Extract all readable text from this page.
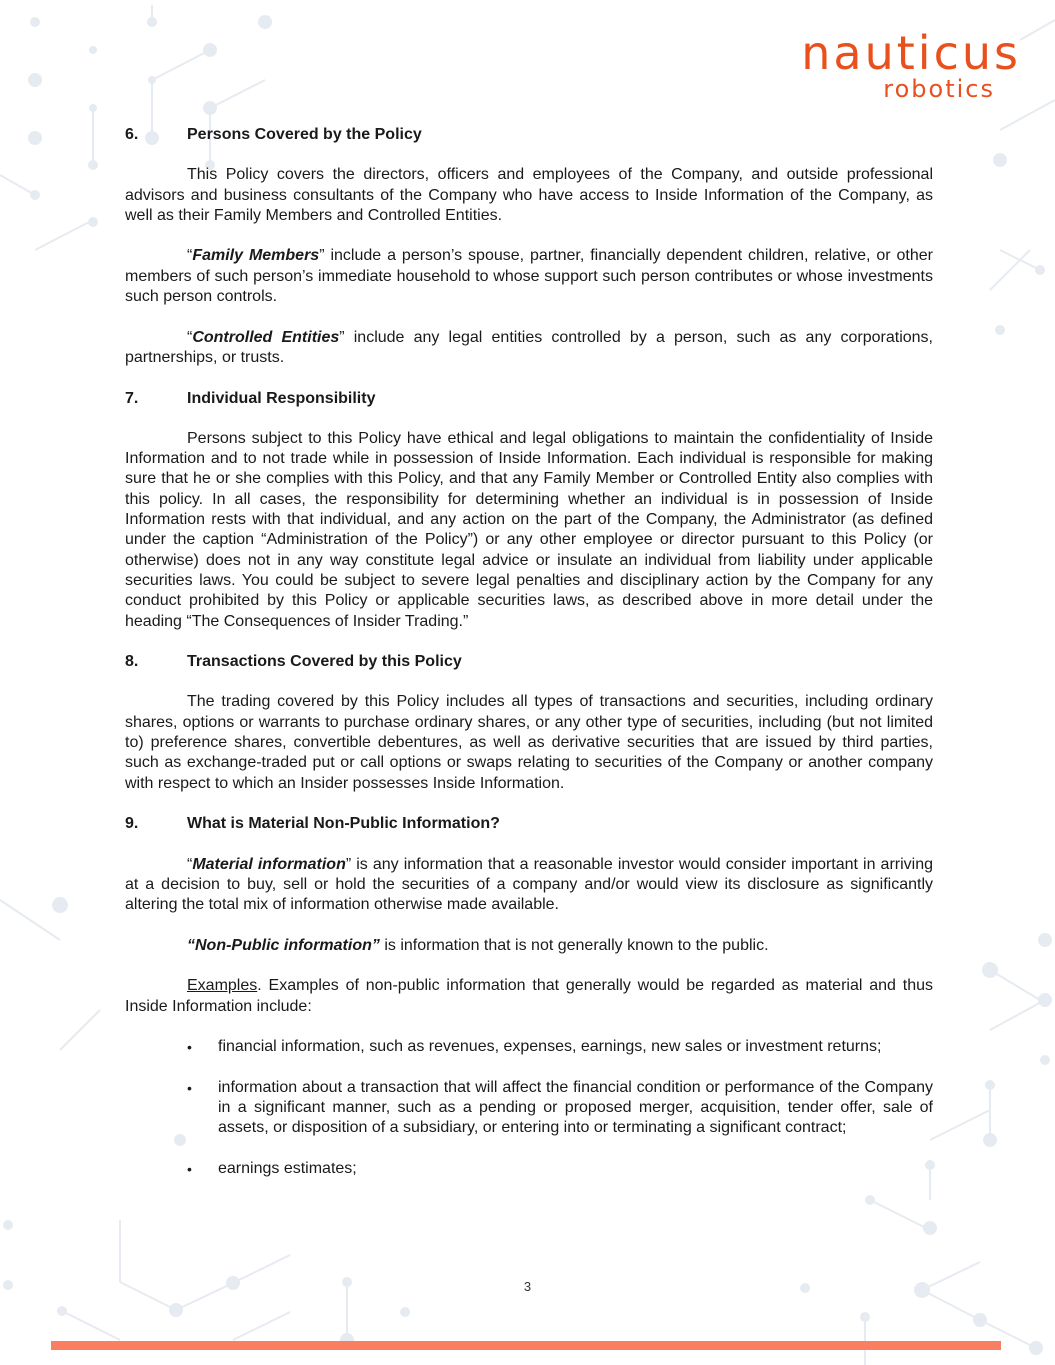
nauticus
robotics
6.	Persons Covered by the Policy

This Policy covers the directors, officers and employees of the Company, and outside professional advisors and business consultants of the Company who have access to Inside Information of the Company, as well as their Family Members and Controlled Entities.

“Family Members” include a person’s spouse, partner, financially dependent children, relative, or other members of such person’s immediate household to whose support such person contributes or whose investments such person controls.

“Controlled Entities” include any legal entities controlled by a person, such as any corporations, partnerships, or trusts.

7.	Individual Responsibility

Persons subject to this Policy have ethical and legal obligations to maintain the confidentiality of Inside Information and to not trade while in possession of Inside Information. Each individual is responsible for making sure that he or she complies with this Policy, and that any Family Member or Controlled Entity also complies with this policy. In all cases, the responsibility for determining whether an individual is in possession of Inside Information rests with that individual, and any action on the part of the Company, the Administrator (as defined under the caption “Administration of the Policy”) or any other employee or director pursuant to this Policy (or otherwise) does not in any way constitute legal advice or insulate an individual from liability under applicable securities laws. You could be subject to severe legal penalties and disciplinary action by the Company for any conduct prohibited by this Policy or applicable securities laws, as described above in more detail under the heading “The Consequences of Insider Trading.”

8.	Transactions Covered by this Policy

The trading covered by this Policy includes all types of transactions and securities, including ordinary shares, options or warrants to purchase ordinary shares, or any other type of securities, including (but not limited to) preference shares, convertible debentures, as well as derivative securities that are issued by third parties, such as exchange-traded put or call options or swaps relating to securities of the Company or another company with respect to which an Insider possesses Inside Information.

9.	What is Material Non-Public Information?

“Material information” is any information that a reasonable investor would consider important in arriving at a decision to buy, sell or hold the securities of a company and/or would view its disclosure as significantly altering the total mix of information otherwise made available.

“Non-Public information” is information that is not generally known to the public.

Examples. Examples of non-public information that generally would be regarded as material and thus Inside Information include:

•	financial information, such as revenues, expenses, earnings, new sales or investment returns;
•	information about a transaction that will affect the financial condition or performance of the Company in a significant manner, such as a pending or proposed merger, acquisition, tender offer, sale of assets, or disposition of a subsidiary, or entering into or terminating a significant contract;
•	earnings estimates;
3
